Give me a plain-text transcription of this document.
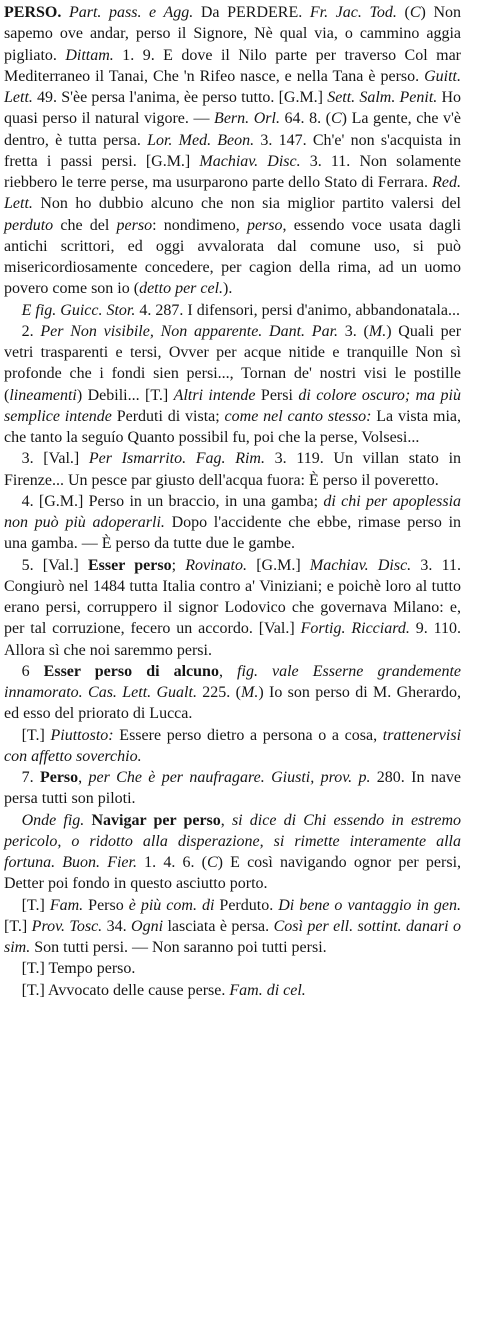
PERSO. Part. pass. e Agg. Da PERDERE. Fr. Jac. Tod. (C) Non sapemo ove andar, perso il Signore, Nè qual via, o cammino aggia pigliato. Dittam. 1. 9. E dove il Nilo parte per traverso Col mar Mediterraneo il Tanai, Che 'n Rifeo nasce, e nella Tana è perso. Guitt. Lett. 49. S'èe persa l'anima, èe perso tutto. [G.M.] Sett. Salm. Penit. Ho quasi perso il natural vigore. — Bern. Orl. 64. 8. (C) La gente, che v'è dentro, è tutta persa. Lor. Med. Beon. 3. 147. Ch'e' non s'acquista in fretta i passi persi. [G.M.] Machiav. Disc. 3. 11. Non solamente riebbero le terre perse, ma usurparono parte dello Stato di Ferrara. Red. Lett. Non ho dubbio alcuno che non sia miglior partito valersi del perduto che del perso: nondimeno, perso, essendo voce usata dagli antichi scrittori, ed oggi avvalorata dal comune uso, si può misericordiosamente concedere, per cagion della rima, ad un uomo povero come son io (detto per cel.).

E fig. Guicc. Stor. 4. 287. I difensori, persi d'animo, abbandonatala...

2. Per Non visibile, Non apparente. Dant. Par. 3. (M.) Quali per vetri trasparenti e tersi, Ovver per acque nitide e tranquille Non sì profonde che i fondi sien persi..., Tornan de' nostri visi le postille (lineamenti) Debili... [T.] Altri intende Persi di colore oscuro; ma più semplice intende Perduti di vista; come nel canto stesso: La vista mia, che tanto la seguío Quanto possibil fu, poi che la perse, Volsesi...

3. [Val.] Per Ismarrito. Fag. Rim. 3. 119. Un villan stato in Firenze... Un pesce par giusto dell'acqua fuora: È perso il poveretto.

4. [G.M.] Perso in un braccio, in una gamba; di chi per apoplessia non può più adoperarli. Dopo l'accidente che ebbe, rimase perso in una gamba. — È perso da tutte due le gambe.

5. [Val.] Esser perso; Rovinato. [G.M.] Machiav. Disc. 3. 11. Congiurò nel 1484 tutta Italia contro a' Viniziani; e poichè loro al tutto erano persi, corruppero il signor Lodovico che governava Milano: e, per tal corruzione, fecero un accordo. [Val.] Fortig. Ricciard. 9. 110. Allora sì che noi saremmo persi.

6 Esser perso di alcuno, fig. vale Esserne grandemente innamorato. Cas. Lett. Gualt. 225. (M.) Io son perso di M. Gherardo, ed esso del priorato di Lucca.

[T.] Piuttosto: Essere perso dietro a persona o a cosa, trattenervisi con affetto soverchio.

7. Perso, per Che è per naufragare. Giusti, prov. p. 280. In nave persa tutti son piloti.

Onde fig. Navigar per perso, si dice di Chi essendo in estremo pericolo, o ridotto alla disperazione, si rimette interamente alla fortuna. Buon. Fier. 1. 4. 6. (C) E così navigando ognor per persi, Detter poi fondo in questo asciutto porto.

[T.] Fam. Perso è più com. di Perduto. Di bene o vantaggio in gen. [T.] Prov. Tosc. 34. Ogni lasciata è persa. Così per ell. sottint. danari o sim. Son tutti persi. — Non saranno poi tutti persi.

[T.] Tempo perso.

[T.] Avvocato delle cause perse. Fam. di cel.
